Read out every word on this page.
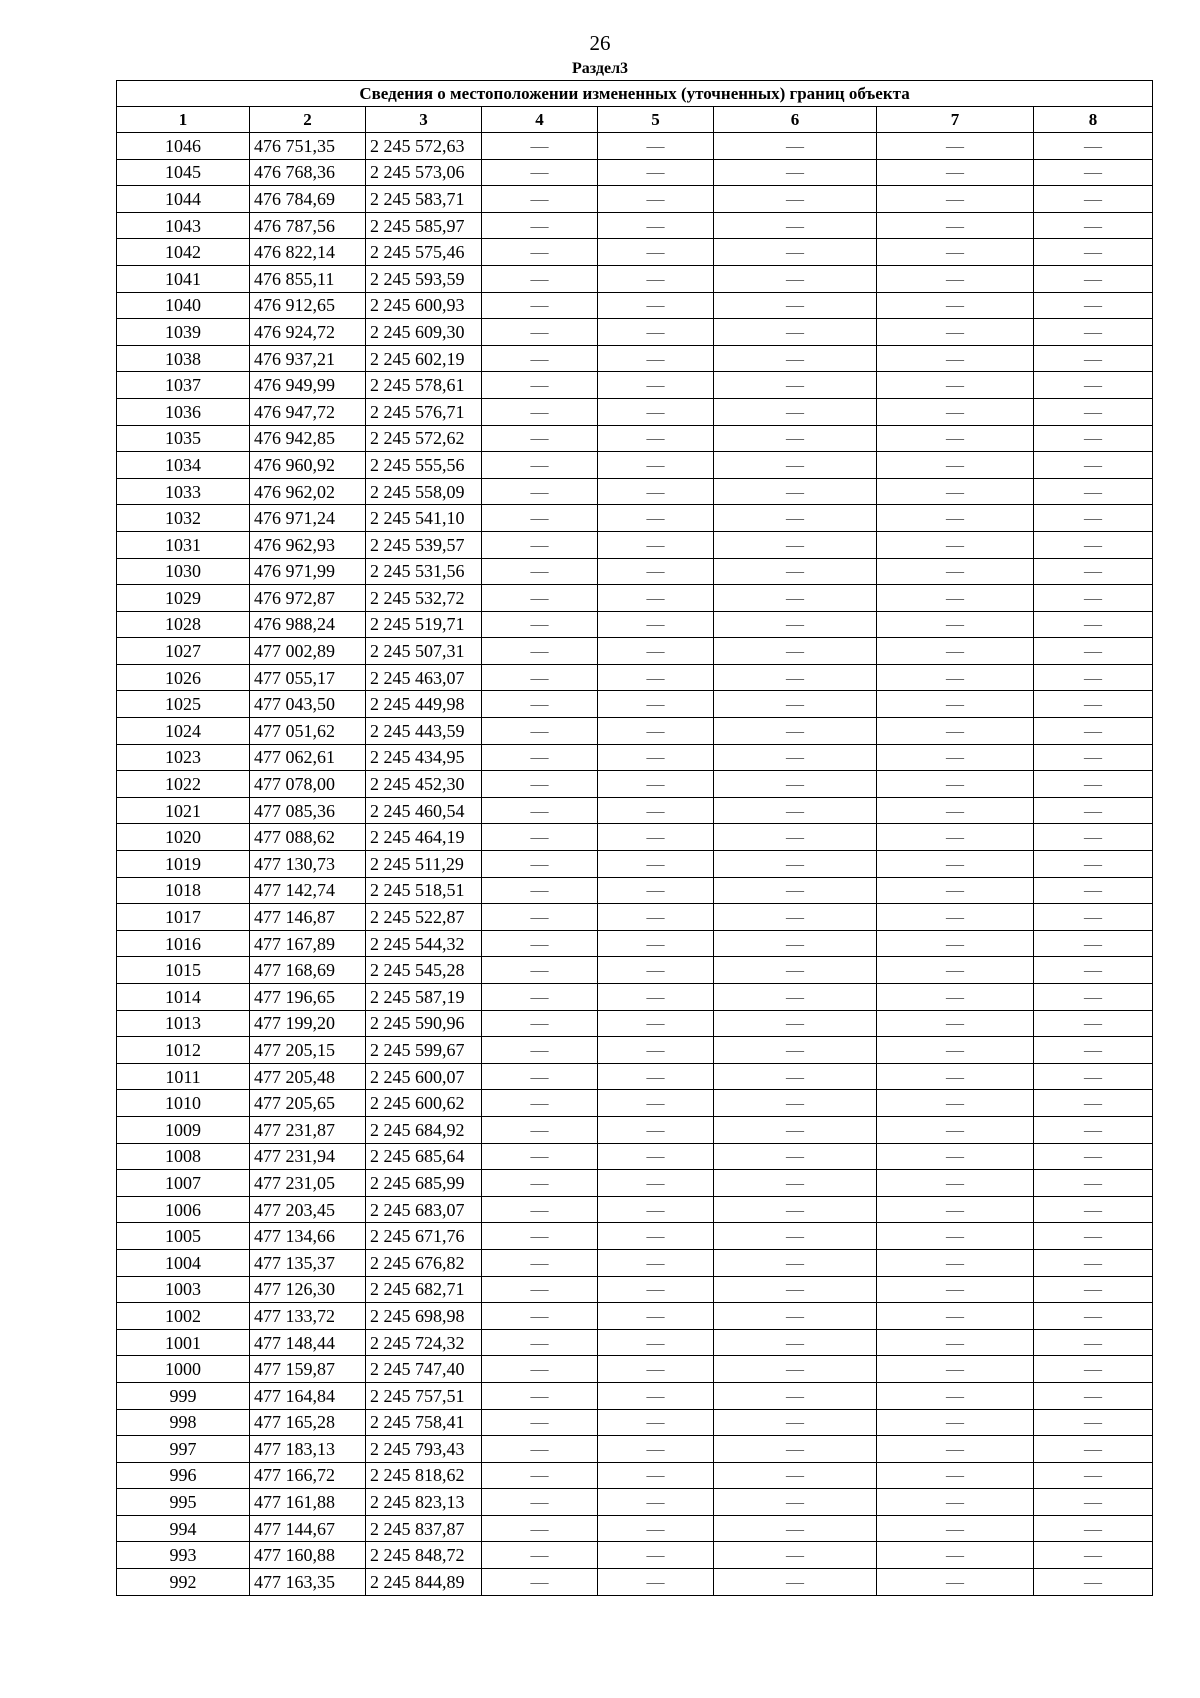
26
Раздел3
Сведения о местоположении измененных (уточненных) границ объекта							
1	2	3	4	5	6	7	8
1046	476 751,35	2 245 572,63	—	—	—	—	—
1045	476 768,36	2 245 573,06	—	—	—	—	—
1044	476 784,69	2 245 583,71	—	—	—	—	—
1043	476 787,56	2 245 585,97	—	—	—	—	—
1042	476 822,14	2 245 575,46	—	—	—	—	—
1041	476 855,11	2 245 593,59	—	—	—	—	—
1040	476 912,65	2 245 600,93	—	—	—	—	—
1039	476 924,72	2 245 609,30	—	—	—	—	—
1038	476 937,21	2 245 602,19	—	—	—	—	—
1037	476 949,99	2 245 578,61	—	—	—	—	—
1036	476 947,72	2 245 576,71	—	—	—	—	—
1035	476 942,85	2 245 572,62	—	—	—	—	—
1034	476 960,92	2 245 555,56	—	—	—	—	—
1033	476 962,02	2 245 558,09	—	—	—	—	—
1032	476 971,24	2 245 541,10	—	—	—	—	—
1031	476 962,93	2 245 539,57	—	—	—	—	—
1030	476 971,99	2 245 531,56	—	—	—	—	—
1029	476 972,87	2 245 532,72	—	—	—	—	—
1028	476 988,24	2 245 519,71	—	—	—	—	—
1027	477 002,89	2 245 507,31	—	—	—	—	—
1026	477 055,17	2 245 463,07	—	—	—	—	—
1025	477 043,50	2 245 449,98	—	—	—	—	—
1024	477 051,62	2 245 443,59	—	—	—	—	—
1023	477 062,61	2 245 434,95	—	—	—	—	—
1022	477 078,00	2 245 452,30	—	—	—	—	—
1021	477 085,36	2 245 460,54	—	—	—	—	—
1020	477 088,62	2 245 464,19	—	—	—	—	—
1019	477 130,73	2 245 511,29	—	—	—	—	—
1018	477 142,74	2 245 518,51	—	—	—	—	—
1017	477 146,87	2 245 522,87	—	—	—	—	—
1016	477 167,89	2 245 544,32	—	—	—	—	—
1015	477 168,69	2 245 545,28	—	—	—	—	—
1014	477 196,65	2 245 587,19	—	—	—	—	—
1013	477 199,20	2 245 590,96	—	—	—	—	—
1012	477 205,15	2 245 599,67	—	—	—	—	—
1011	477 205,48	2 245 600,07	—	—	—	—	—
1010	477 205,65	2 245 600,62	—	—	—	—	—
1009	477 231,87	2 245 684,92	—	—	—	—	—
1008	477 231,94	2 245 685,64	—	—	—	—	—
1007	477 231,05	2 245 685,99	—	—	—	—	—
1006	477 203,45	2 245 683,07	—	—	—	—	—
1005	477 134,66	2 245 671,76	—	—	—	—	—
1004	477 135,37	2 245 676,82	—	—	—	—	—
1003	477 126,30	2 245 682,71	—	—	—	—	—
1002	477 133,72	2 245 698,98	—	—	—	—	—
1001	477 148,44	2 245 724,32	—	—	—	—	—
1000	477 159,87	2 245 747,40	—	—	—	—	—
999	477 164,84	2 245 757,51	—	—	—	—	—
998	477 165,28	2 245 758,41	—	—	—	—	—
997	477 183,13	2 245 793,43	—	—	—	—	—
996	477 166,72	2 245 818,62	—	—	—	—	—
995	477 161,88	2 245 823,13	—	—	—	—	—
994	477 144,67	2 245 837,87	—	—	—	—	—
993	477 160,88	2 245 848,72	—	—	—	—	—
992	477 163,35	2 245 844,89	—	—	—	—	—
